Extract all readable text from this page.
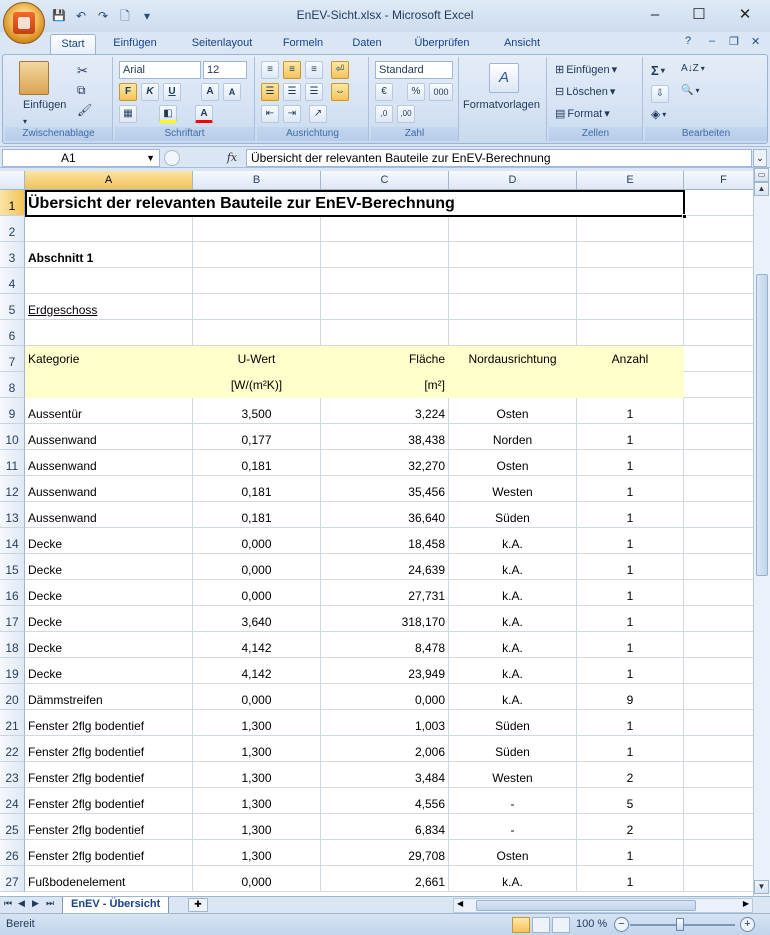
💾 ↶ ↷	🗋	▾	EnEV-Sicht.xlsx - Microsoft Excel	–	☐	✕
Start	Einfügen	Seitenlayout	Formeln	Daten	Überprüfen	Ansicht	? – ❐ ✕
Einfügen
▾
✂
⧉
🖌
Zwischenablage
Arial	12
F	K	U	A	A
▦	◧	A
Schriftart
≡	≡	≡	⏎
☰	☰	☰	⇔
⇤	⇥	↗
Ausrichtung
Standard
€	%	000
,0	,00
Zahl
A
Formatvorlagen
⊞ Einfügen ▾
⊟ Löschen ▾
▤ Format ▾
Zellen
Σ ▾ A↓Z ▾
⇩	🔍 ▾
◈ ▾
Bearbeiten
A1	▼	fx	Übersicht der relevanten Bauteile zur EnEV-Berechnung	⌄
A	B	C	D	E	F
1 Übersicht der relevanten Bauteile zur EnEV-Berechnung
2
3	Abschnitt 1
4
5	Erdgeschoss
6
7	Kategorie	U-Wert	Fläche	Nordausrichtung	Anzahl
8	[W/(m²K)]	[m²]
9	Aussentür	3,500	3,224	Osten	1
10 Aussenwand	0,177	38,438	Norden	1
11 Aussenwand	0,181	32,270	Osten	1
12 Aussenwand	0,181	35,456	Westen	1
13 Aussenwand	0,181	36,640	Süden	1
14 Decke	0,000	18,458	k.A.	1
15 Decke	0,000	24,639	k.A.	1
16 Decke	0,000	27,731	k.A.	1
17 Decke	3,640	318,170	k.A.	1
18 Decke	4,142	8,478	k.A.	1
19 Decke	4,142	23,949	k.A.	1
20 Dämmstreifen	0,000	0,000	k.A.	9
21 Fenster 2flg bodentief	1,300	1,003	Süden	1
22 Fenster 2flg bodentief	1,300	2,006	Süden	1
23 Fenster 2flg bodentief	1,300	3,484	Westen	2
24 Fenster 2flg bodentief	1,300	4,556	-	5
25 Fenster 2flg bodentief	1,300	6,834	-	2
26 Fenster 2flg bodentief	1,300	29,708	Osten	1
27 Fußbodenelement	0,000	2,661	k.A.	1
▭
▲
▼
⏮ ◀ ▶ ⏭	EnEV - Übersicht	✚	◀	▶
Bereit	100 %	−	+
